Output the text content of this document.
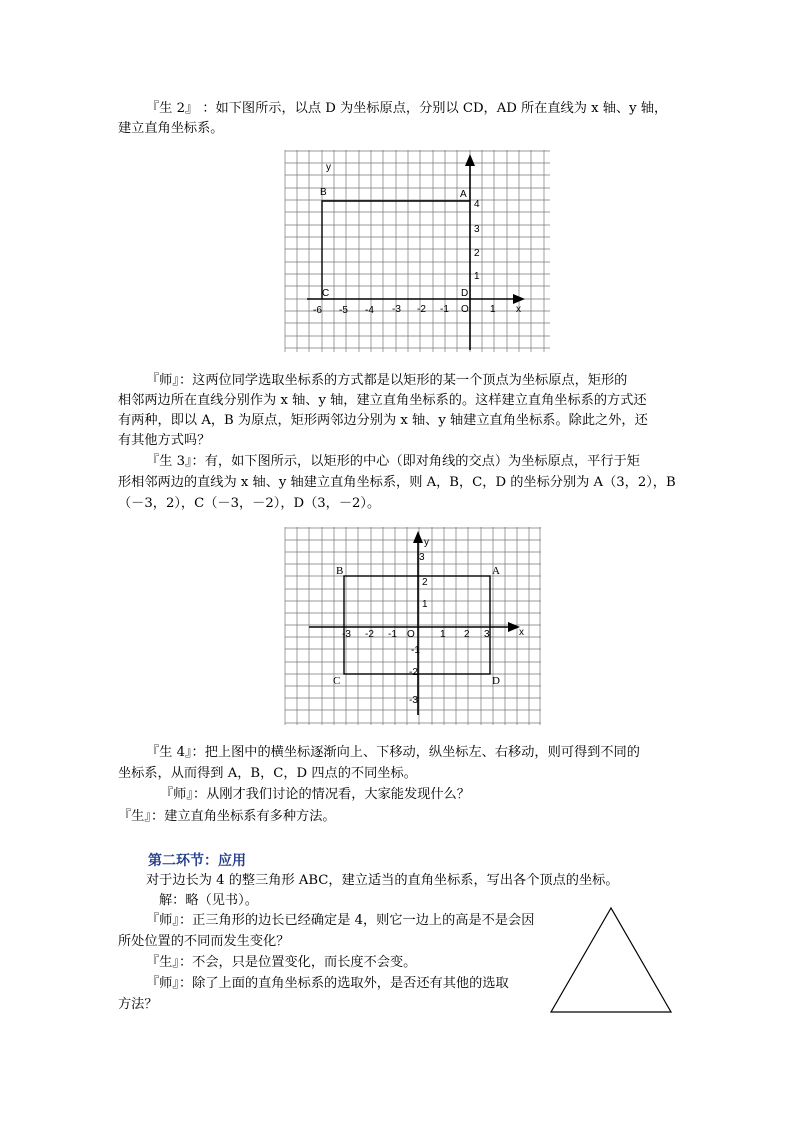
『生 2』 ：如下图所示，以点 D 为坐标原点，分别以 CD，AD 所在直线为 x 轴、y 轴，
建立直角坐标系。
y
x
B	A
C	D
O
-6 -5 -4 -3 -2 -1	1
1
2
3
4
『师』：这两位同学选取坐标系的方式都是以矩形的某一个顶点为坐标原点，矩形的
相邻两边所在直线分别作为 x 轴、y 轴，建立直角坐标系的。这样建立直角坐标系的方式还
有两种，即以 A，B 为原点，矩形两邻边分别为 x 轴、y 轴建立直角坐标系。除此之外，还
有其他方式吗？
『生 3』：有，如下图所示，以矩形的中心（即对角线的交点）为坐标原点，平行于矩
形相邻两边的直线为 x 轴、y 轴建立直角坐标系，则 A，B，C，D 的坐标分别为 A（3，2），B
（－3，2），C（－3，－2），D（3，－2）。
y
x
B	A
C	D
O
-3 -2 -1	1 2 3
1
2
3
-1
-2
-3
『生 4』：把上图中的横坐标逐渐向上、下移动，纵坐标左、右移动，则可得到不同的
坐标系，从而得到 A，B，C，D 四点的不同坐标。
『师』：从刚才我们讨论的情况看，大家能发现什么？
『生』：建立直角坐标系有多种方法。
第二环节：应用
对于边长为 4 的整三角形 ABC，建立适当的直角坐标系，写出各个顶点的坐标。
解：略（见书）。
『师』：正三角形的边长已经确定是 4，则它一边上的高是不是会因
所处位置的不同而发生变化？
『生』：不会，只是位置变化，而长度不会变。
『师』：除了上面的直角坐标系的选取外，是否还有其他的选取
方法？
